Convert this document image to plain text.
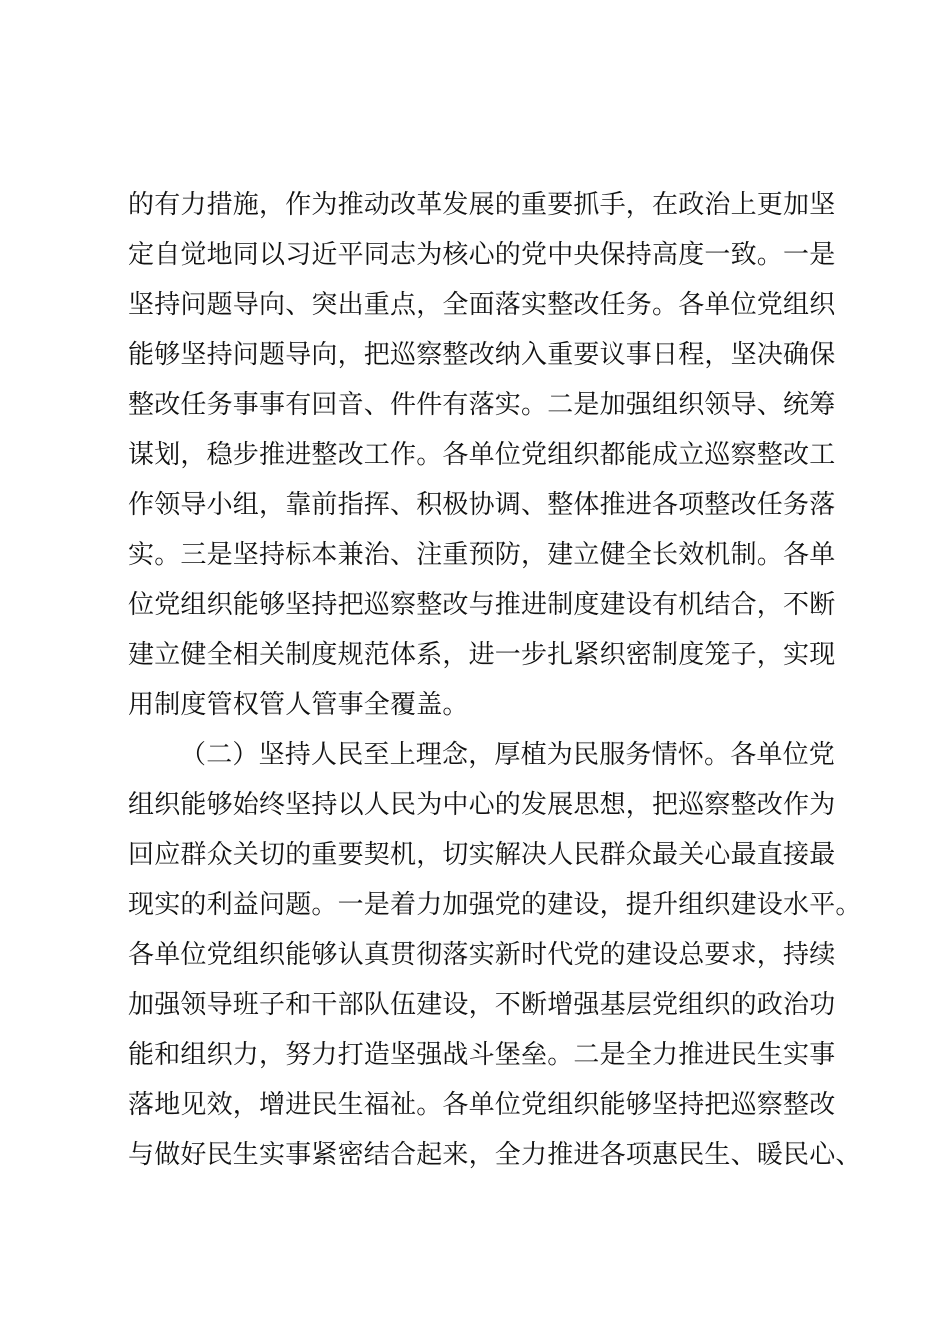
的有力措施，作为推动改革发展的重要抓手，在政治上更加坚
定自觉地同以习近平同志为核心的党中央保持高度一致。一是
坚持问题导向、突出重点，全面落实整改任务。各单位党组织
能够坚持问题导向，把巡察整改纳入重要议事日程，坚决确保
整改任务事事有回音、件件有落实。二是加强组织领导、统筹
谋划，稳步推进整改工作。各单位党组织都能成立巡察整改工
作领导小组，靠前指挥、积极协调、整体推进各项整改任务落
实。三是坚持标本兼治、注重预防，建立健全长效机制。各单
位党组织能够坚持把巡察整改与推进制度建设有机结合，不断
建立健全相关制度规范体系，进一步扎紧织密制度笼子，实现
用制度管权管人管事全覆盖。
（二）坚持人民至上理念，厚植为民服务情怀。各单位党
组织能够始终坚持以人民为中心的发展思想，把巡察整改作为
回应群众关切的重要契机，切实解决人民群众最关心最直接最
现实的利益问题。一是着力加强党的建设，提升组织建设水平。
各单位党组织能够认真贯彻落实新时代党的建设总要求，持续
加强领导班子和干部队伍建设，不断增强基层党组织的政治功
能和组织力，努力打造坚强战斗堡垒。二是全力推进民生实事
落地见效，增进民生福祉。各单位党组织能够坚持把巡察整改
与做好民生实事紧密结合起来，全力推进各项惠民生、暖民心、
